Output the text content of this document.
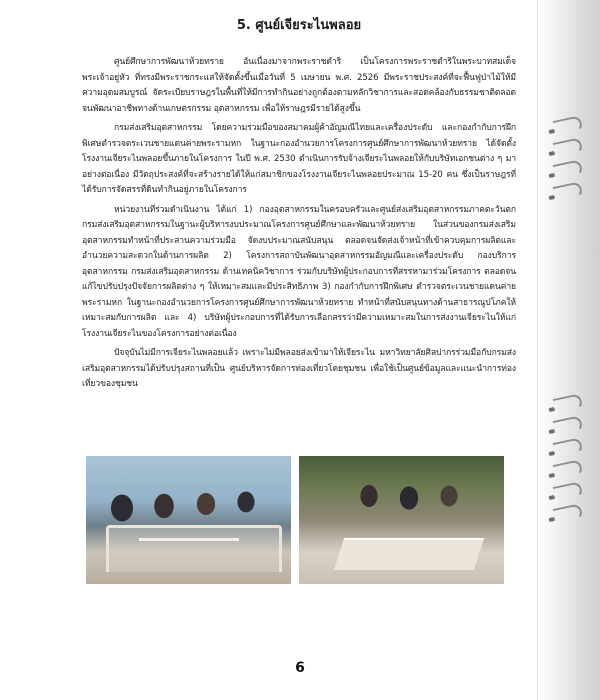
5. ศูนย์เจียระไนพลอย

ศูนย์ศึกษาการพัฒนาห้วยทราย อันเนื่องมาจากพระราชดำริ เป็นโครงการพระราชดำริในพระบาทสมเด็จพระเจ้าอยู่หัว ที่ทรงมีพระราชกระแสให้จัดตั้งขึ้นเมื่อวันที่ 5 เมษายน พ.ศ. 2526 มีพระราชประสงค์ที่จะฟื้นฟูป่าไม้ให้มีความอุดมสมบูรณ์ จัดระเบียบราษฎรในพื้นที่ให้มีการทำกินอย่างถูกต้องตามหลักวิชาการและสอดคล้องกับธรรมชาติตลอดจนพัฒนาอาชีพทางด้านเกษตรกรรม อุตสาหกรรม เพื่อให้ราษฎรมีรายได้สูงขึ้น

กรมส่งเสริมอุตสาหกรรม โดยความร่วมมือของสมาคมผู้ค้าอัญมณีไทยและเครื่องประดับ และกองกำกับการฝึกพิเศษตำรวจตระเวนชายแดนค่ายพระรามหก ในฐานะกองอำนวยการโครงการศูนย์ศึกษาการพัฒนาห้วยทราย ได้จัดตั้งโรงงานเจียระไนพลอยขึ้นภายในโครงการ ในปี พ.ศ. 2530 ดำเนินการรับจ้างเจียระไนพลอยให้กับบริษัทเอกชนต่าง ๆ มาอย่างต่อเนื่อง มีวัตถุประสงค์ที่จะสร้างรายได้ให้แก่สมาชิกของโรงงานเจียระไนพลอยประมาณ 15-20 คน ซึ่งเป็นราษฎรที่ได้รับการจัดสรรที่ดินทำกินอยู่ภายในโครงการ

หน่วยงานที่ร่วมดำเนินงาน ได้แก่ 1) กองอุตสาหกรรมในครอบครัวและศูนย์ส่งเสริมอุตสาหกรรมภาคตะวันตก กรมส่งเสริมอุตสาหกรรมในฐานะผู้บริหารงบประมาณโครงการศูนย์ศึกษาและพัฒนาห้วยทราย ในส่วนของกรมส่งเสริมอุตสาหกรรมทำหน้าที่ประสานความร่วมมือ จัดงบประมาณสนับสนุน ตลอดจนจัดส่งเจ้าหน้าที่เข้าควบคุมการผลิตและอำนวยความสะดวกในด้านการผลิต 2) โครงการสถาบันพัฒนาอุตสาหกรรมอัญมณีและเครื่องประดับ กองบริการอุตสาหกรรม กรมส่งเสริมอุตสาหกรรม ด้านเทคนิควิชาการ ร่วมกับบริษัทผู้ประกอบการที่สรรหามาร่วมโครงการ ตลอดจนแก้ไขปรับปรุงปัจจัยการผลิตต่าง ๆ ให้เหมาะสมและมีประสิทธิภาพ 3) กองกำกับการฝึกพิเศษ ตำรวจตระเวนชายแดนค่ายพระรามหก ในฐานะกองอำนวยการโครงการศูนย์ศึกษาการพัฒนาห้วยทราย ทำหน้าที่สนับสนุนทางด้านสาธารณูปโภคให้เหมาะสมกับการผลิต และ 4) บริษัทผู้ประกอบการที่ได้รับการเลือกสรรว่ามีความเหมาะสมในการส่งงานเจียระไนให้แก่โรงงานเจียระไนของโครงการอย่างต่อเนื่อง

ปัจจุบันไม่มีการเจียระไนพลอยแล้ว เพราะไม่มีพลอยส่งเข้ามาให้เจียระไน มหาวิทยาลัยศิลปากรร่วมมือกับกรมส่งเสริมอุตสาหกรรมได้ปรับปรุงสถานที่เป็น ศูนย์บริหารจัดการท่องเที่ยวโดยชุมชน เพื่อใช้เป็นศูนย์ข้อมูลและแนะนำการท่องเที่ยวของชุมชน

6
